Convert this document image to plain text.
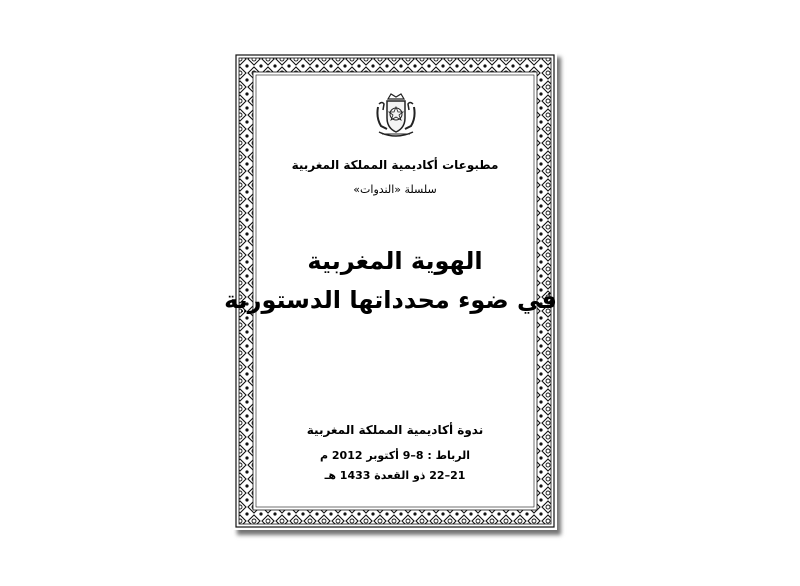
مطبوعات أكاديمية المملكة المغربية
سلسلة «الندوات»
الهوية المغربية
في ضوء محدداتها الدستورية
ندوة أكاديمية المملكة المغربية
الرباط : 8–9 أكتوبر 2012 م
21–22 ذو القعدة 1433 هـ
